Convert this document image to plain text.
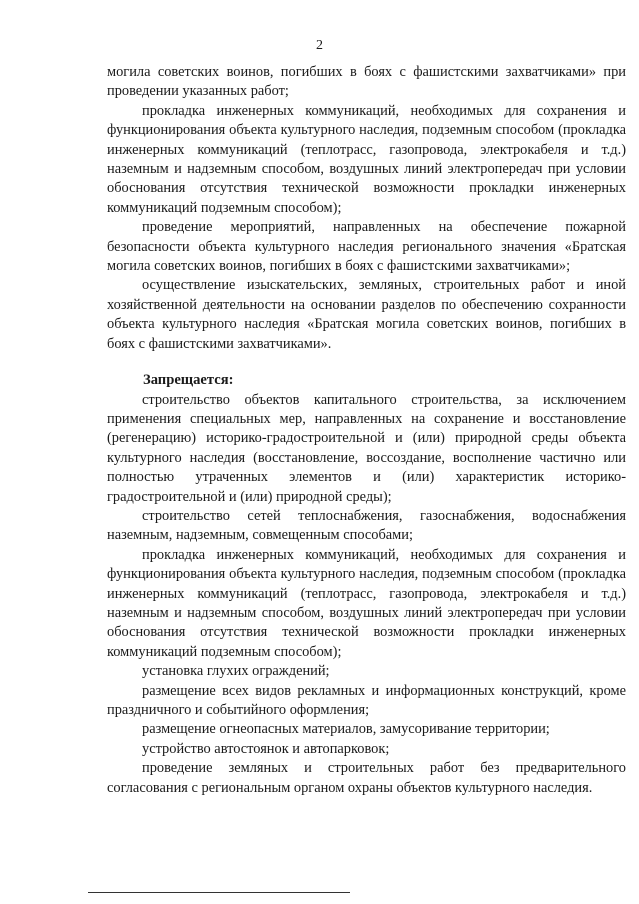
2

могила советских воинов, погибших в боях с фашистскими захватчиками» при проведении указанных работ;

прокладка инженерных коммуникаций, необходимых для сохранения и функционирования объекта культурного наследия, подземным способом (прокладка инженерных коммуникаций (теплотрасс, газопровода, электрокабеля и т.д.) наземным и надземным способом, воздушных линий электропередач при условии обоснования отсутствия технической возможности прокладки инженерных коммуникаций подземным способом);

проведение мероприятий, направленных на обеспечение пожарной безопасности объекта культурного наследия регионального значения «Братская могила советских воинов, погибших в боях с фашистскими захватчиками»;

осуществление изыскательских, земляных, строительных работ и иной хозяйственной деятельности на основании разделов по обеспечению сохранности объекта культурного наследия «Братская могила советских воинов, погибших в боях с фашистскими захватчиками».

Запрещается:

строительство объектов капитального строительства, за исключением применения специальных мер, направленных на сохранение и восстановление (регенерацию) историко-градостроительной и (или) природной среды объекта культурного наследия (восстановление, воссоздание, восполнение частично или полностью утраченных элементов и (или) характеристик историко-градостроительной и (или) природной среды);

строительство сетей теплоснабжения, газоснабжения, водоснабжения наземным, надземным, совмещенным способами;

прокладка инженерных коммуникаций, необходимых для сохранения и функционирования объекта культурного наследия, подземным способом (прокладка инженерных коммуникаций (теплотрасс, газопровода, электрокабеля и т.д.) наземным и надземным способом, воздушных линий электропередач при условии обоснования отсутствия технической возможности прокладки инженерных коммуникаций подземным способом);

установка глухих ограждений;

размещение всех видов рекламных и информационных конструкций, кроме праздничного и событийного оформления;

размещение огнеопасных материалов, замусоривание территории;

устройство автостоянок и автопарковок;

проведение земляных и строительных работ без предварительного согласования с региональным органом охраны объектов культурного наследия.
